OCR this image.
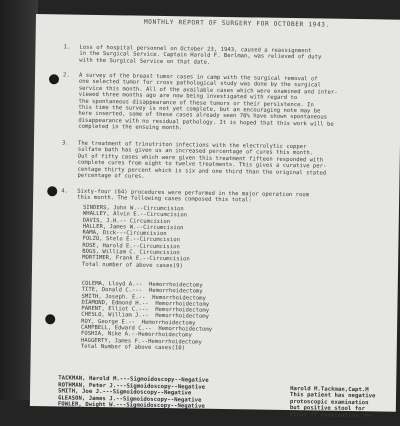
MONTHLY REPORT OF SURGERY FOR OCTOBER 1943.
1. Loss of hospital personnel on October 23, 1943, caused a reassignment
in the Surgical Service. Captain Harold F. Berlman, was relieved of duty
with the Surgical Service on that date.
2. A survey of the breast tumor cases in camp with the surgical removal of
one selected tumor for cross pathological study was done by the surgical
service this month. All of the available cases which were examined and inter-
viewed three months ago are now being investigated with regard to
the spontaneous disappearance of these tumors or their persistence. In
this time the survey is not yet complete, but an encouraging note may be
here inserted, some of these cases already seen 70% have shown spontaneous
disappearance with no residual pathology. It is hoped that this work will be
completed in the ensuing month.
3. The treatment of trinutriton infections with the electrolytic copper
sulfate bath has given us an increased percentage of cures this month.
Out of fifty cases which were given this treatment fifteen responded with
complete cures from eight to twelve treatments. This gives a curative per-
centage thirty percent which is six and one third than the original stated
percentage of cures.
4. Sixty-four (64) procedures were performed in the major operation room
this month. The following cases composed this total:
SINDERS, John W.--Circumcision
WHALLEY, Alvin E.--Circumcision
DAVIS, J.H.-- Circumcision
HALLER, James W.--Circumcision
RAMA, Dick---Circumcision
FOLZO, Stelo E.--Circumcision
ROSE, Harold E.--Circumcision
BOGS, William C. Circumcision
MORTIMER, Frank E.--Circumcision
Total number of above cases(9)
COLEMA, Lloyd A.--  Hemorrhoidectomy
TITE, Donald C.---  Hemorrhoidectomy
SMITH, Joseph. E.--  Hemorrhoidectomy
DIAMOND, Edmond H.--  Hemorrhoidectomy
PARENT, Elliot C.---  Hemorrhoidectomy
CHESLO, William J.--  Hemorrhoidectomy
ROY, George E.--  Hemorrhoidectomy
CAMPBELL, Edward C.--  Hemorrhoidectomy
FOSHIA, Nike A.--Hemorrhoidectomy
HAGGERTY, James F.--Hemorrhoidectomy
Total Number of above cases(10)

TACKMAN, Harold M.---Sigmoidoscopy--Negative

Harold M.Tackman,Capt.M

ROTHMAN, Peter J.---Sigmoidoscopy--Negative

This patient has negative

SMITH, Joe J.---Sigmoidoscopy--Negative

protoscopic examination

GLEASON, James J.--Sigmoidoscopy--Negative

but positive stool for

FOWLER, Dwight W.---Sigmoidoscopy--Negative

blood of examination. He
